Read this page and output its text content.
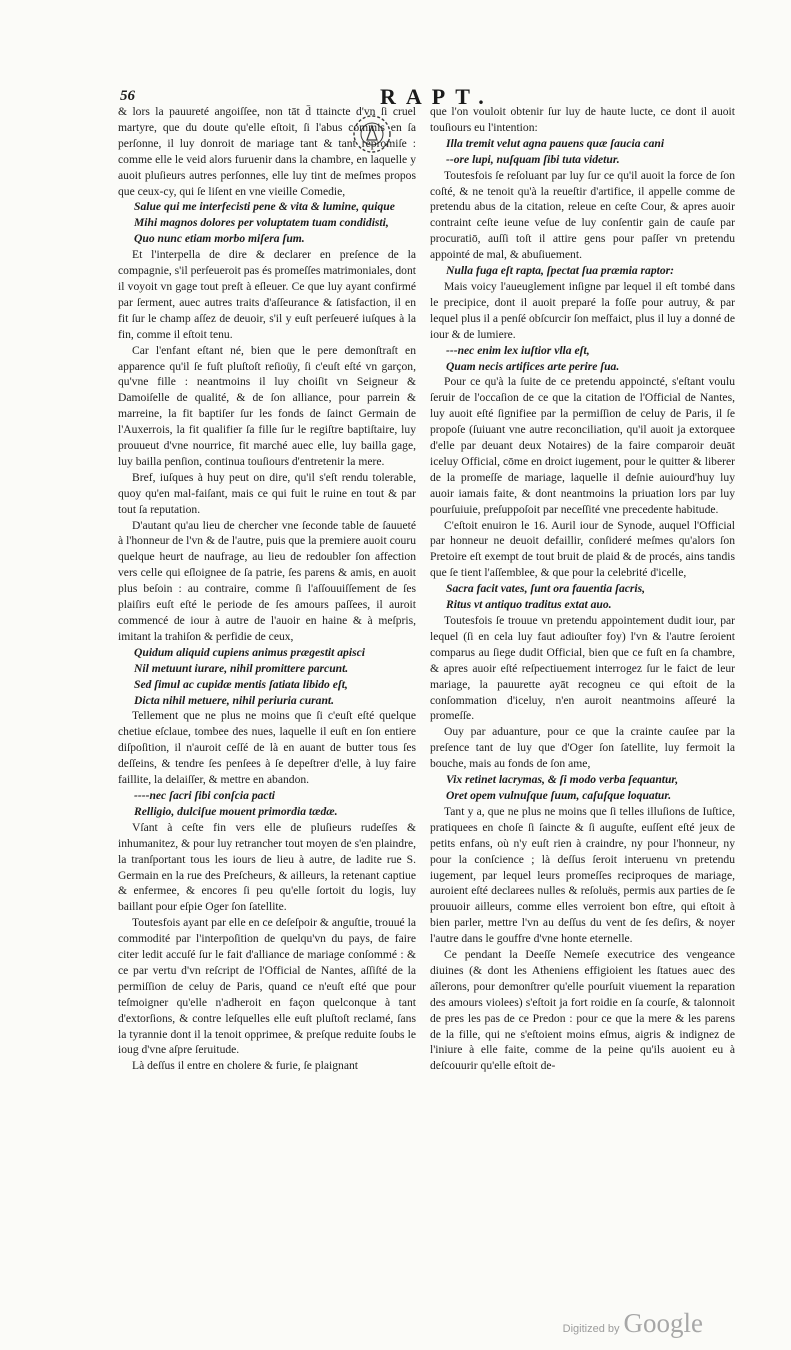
56	RAPT.

& lors la pauureté angoiſſee, non tāt d̄ ttaincte d'vn ſi cruel martyre, que du doute qu'elle eſtoit, ſi l'abus commis en ſa perſonne, il luy donroit de mariage tant & tant repromiſe : comme elle le veid alors furuenir dans la chambre, en laquelle y auoit pluſieurs autres perſonnes, elle luy tint de meſmes propos que ceux-cy, qui ſe liſent en vne vieille Comedie,

Salue qui me interfecisti pene & vita & lumine, quique
Mihi magnos dolores per voluptatem tuam condidisti,
Quo nunc etiam morbo miſera ſum.

Et l'interpella de dire & declarer en preſence de la compagnie, s'il perſeueroit pas és promeſſes matrimoniales, dont il voyoit vn gage tout preſt à eſleuer. Ce que luy ayant confirmé par ſerment, auec autres traits d'aſſeurance & ſatisfaction, il en fit ſur le champ aſſez de deuoir, s'il y euſt perſeueré iuſques à la fin, comme il eſtoit tenu.

Car l'enfant eſtant né, bien que le pere demonſtraſt en apparence qu'il ſe fuſt pluſtoſt reſioüy, ſi c'euſt eſté vn garçon, qu'vne fille : neantmoins il luy choiſit vn Seigneur & Damoiſelle de qualité, & de ſon alliance, pour parrein & marreine, la fit baptiſer ſur les fonds de ſainct Germain de l'Auxerrois, la fit qualifier ſa fille ſur le regiſtre baptiſtaire, luy prouueut d'vne nourrice, fit marché auec elle, luy bailla gage, luy bailla penſion, continua touſiours d'entretenir la mere.

Bref, iuſques à huy peut on dire, qu'il s'eſt rendu tolerable, quoy qu'en mal-faiſant, mais ce qui fuit le ruine en tout & par tout ſa reputation.

D'autant qu'au lieu de chercher vne ſeconde table de ſauueté à l'honneur de l'vn & de l'autre, puis que la premiere auoit couru quelque heurt de naufrage, au lieu de redoubler ſon affection vers celle qui eſloignee de ſa patrie, ſes parens & amis, en auoit plus beſoin : au contraire, comme ſi l'aſſouuiſſement de ſes plaiſirs euſt eſté le periode de ſes amours paſſees, il auroit commencé de iour à autre de l'auoir en haine & à meſpris, imitant la trahiſon & perfidie de ceux,

Quidum aliquid cupiens animus prægestit apisci
Nil metuunt iurare, nihil promittere parcunt.
Sed ſimul ac cupidæ mentis ſatiata libido eſt,
Dicta nihil metuere, nihil periuria curant.

Tellement que ne plus ne moins que ſi c'euſt eſté quelque chetiue eſclaue, tombee des nues, laquelle il euſt en ſon entiere diſpoſition, il n'auroit ceſſé de là en auant de butter tous ſes deſſeins, & tendre ſes penſees à ſe depeſtrer d'elle, à luy faire faillite, la delaiſſer, & mettre en abandon.

----nec ſacri ſibi conſcia pacti
Relligio, dulciſue mouent primordia tædæ.

Vſant à ceſte fin vers elle de pluſieurs rudeſſes & inhumanitez, & pour luy retrancher tout moyen de s'en plaindre, la tranſportant tous les iours de lieu à autre, de ladite rue S. Germain en la rue des Preſcheurs, & ailleurs, la retenant captiue & enfermee, & encores ſi peu qu'elle ſortoit du logis, luy baillant pour eſpie Oger ſon ſatellite.

Toutesfois ayant par elle en ce deſeſpoir & anguſtie, trouué la commodité par l'interpoſition de quelqu'vn du pays, de faire citer ledit accuſé ſur le fait d'alliance de mariage conſommé : & ce par vertu d'vn reſcript de l'Official de Nantes, aſſiſté de la permiſſion de celuy de Paris, quand ce n'euſt eſté que pour teſmoigner qu'elle n'adheroit en façon quelconque à tant d'extorſions, & contre leſquelles elle euſt pluſtoſt reclamé, ſans la tyrannie dont il la tenoit opprimee, & preſque reduite ſoubs le ioug d'vne aſpre ſeruitude.

Là deſſus il entre en cholere & furie, ſe plaignant

que l'on vouloit obtenir ſur luy de haute lucte, ce dont il auoit touſiours eu l'intention:

Illa tremit velut agna pauens quæ ſaucia cani
--ore lupi, nuſquam ſibi tuta videtur.

Toutesfois ſe reſoluant par luy ſur ce qu'il auoit la force de ſon coſté, & ne tenoit qu'à la reueſtir d'artifice, il appelle comme de pretendu abus de la citation, releue en ceſte Cour, & apres auoir contraint ceſte ieune veſue de luy conſentir gain de cauſe par procuratiō, auſſi toſt il attire gens pour paſſer vn pretendu appointé de mal, & abuſiuement.

Nulla fuga eſt rapta, ſpectat ſua præmia raptor:

Mais voicy l'aueuglement inſigne par lequel il eſt tombé dans le precipice, dont il auoit preparé la foſſe pour autruy, & par lequel plus il a penſé obſcurcir ſon meſfaict, plus il luy a donné de iour & de lumiere.

---nec enim lex iuſtior vlla eſt,
Quam necis artifices arte perire ſua.

Pour ce qu'à la ſuite de ce pretendu appoincté, s'eſtant voulu ſeruir de l'occaſion de ce que la citation de l'Official de Nantes, luy auoit eſté ſignifiee par la permiſſion de celuy de Paris, il ſe propoſe (ſuiuant vne autre reconciliation, qu'il auoit ja extorquee d'elle par deuant deux Notaires) de la faire comparoir deuāt iceluy Official, cōme en droict iugement, pour le quitter & liberer de la promeſſe de mariage, laquelle il deſnie auiourd'huy luy auoir iamais faite, & dont neantmoins la priuation lors par luy pourſuiuie, preſuppoſoit par neceſſité vne precedente habitude.

C'eſtoit enuiron le 16. Auril iour de Synode, auquel l'Official par honneur ne deuoit defaillir, conſideré meſmes qu'alors ſon Pretoire eſt exempt de tout bruit de plaid & de procés, ains tandis que ſe tient l'aſſemblee, & que pour la celebrité d'icelle,

Sacra facit vates, ſunt ora fauentia ſacris,
Ritus vt antiquo traditus extat auo.

Toutesfois ſe trouue vn pretendu appointement dudit iour, par lequel (ſi en cela luy faut adiouſter foy) l'vn & l'autre ſeroient comparus au ſiege dudit Official, bien que ce fuſt en ſa chambre, & apres auoir eſté reſpectiuement interrogez ſur le faict de leur mariage, la pauurette ayāt recogneu ce qui eſtoit de la conſommation d'iceluy, n'en auroit neantmoins aſſeuré la promeſſe.

Ouy par aduanture, pour ce que la crainte cauſee par la preſence tant de luy que d'Oger ſon ſatellite, luy fermoit la bouche, mais au fonds de ſon ame,

Vix retinet lacrymas, & ſi modo verba ſequantur,
Oret opem vulnuſque ſuum, caſuſque loquatur.

Tant y a, que ne plus ne moins que ſi telles illuſions de Iuſtice, pratiquees en choſe ſi ſaincte & ſi auguſte, euſſent eſté jeux de petits enfans, où n'y euſt rien à craindre, ny pour l'honneur, ny pour la conſcience ; là deſſus ſeroit interuenu vn pretendu iugement, par lequel leurs promeſſes reciproques de mariage, auroient eſté declarees nulles & reſoluës, permis aux parties de ſe prouuoir ailleurs, comme elles verroient bon eſtre, qui eſtoit à bien parler, mettre l'vn au deſſus du vent de ſes deſirs, & noyer l'autre dans le gouffre d'vne honte eternelle.

Ce pendant la Deeſſe Nemeſe executrice des vengeance diuines (& dont les Atheniens effigioient les ſtatues auec des aîlerons, pour demonſtrer qu'elle pourſuit viuement la reparation des amours violees) s'eſtoit ja fort roidie en ſa courſe, & talonnoit de pres les pas de ce Predon : pour ce que la mere & les parens de la fille, qui ne s'eſtoient moins eſmus, aigris & indignez de l'iniure à elle faite, comme de la peine qu'ils auoient eu à deſcouurir qu'elle eſtoit de-

Digitized by Google
